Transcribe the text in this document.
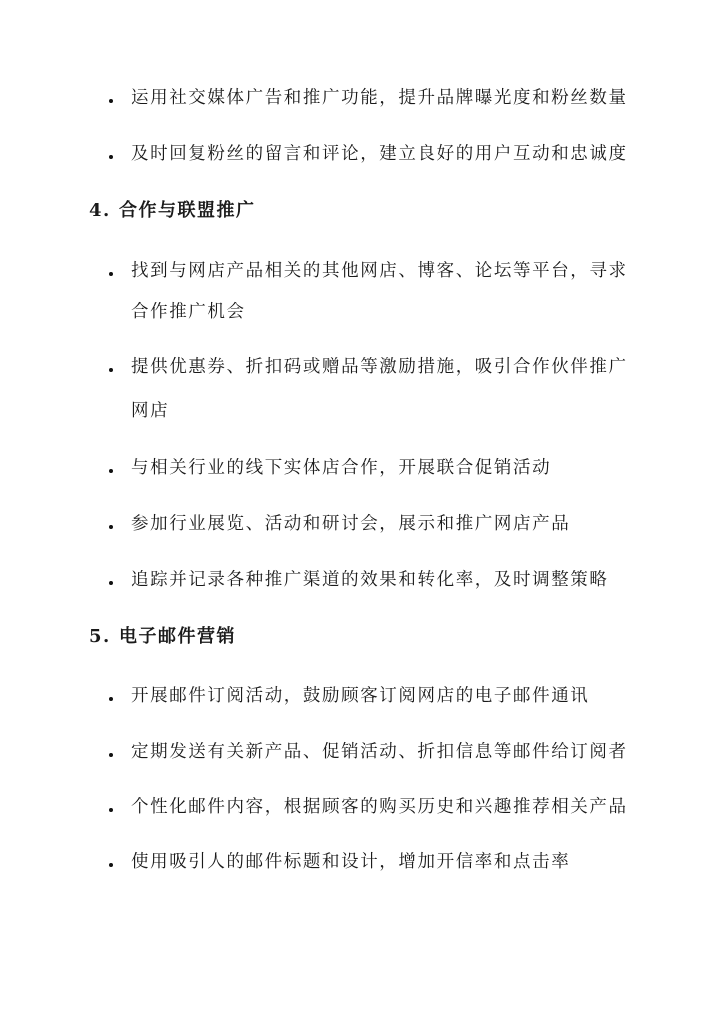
运用社交媒体广告和推广功能，提升品牌曝光度和粉丝数量
及时回复粉丝的留言和评论，建立良好的用户互动和忠诚度
4. 合作与联盟推广
找到与网店产品相关的其他网店、博客、论坛等平台，寻求
合作推广机会
提供优惠券、折扣码或赠品等激励措施，吸引合作伙伴推广
网店
与相关行业的线下实体店合作，开展联合促销活动
参加行业展览、活动和研讨会，展示和推广网店产品
追踪并记录各种推广渠道的效果和转化率，及时调整策略
5. 电子邮件营销
开展邮件订阅活动，鼓励顾客订阅网店的电子邮件通讯
定期发送有关新产品、促销活动、折扣信息等邮件给订阅者
个性化邮件内容，根据顾客的购买历史和兴趣推荐相关产品
使用吸引人的邮件标题和设计，增加开信率和点击率
